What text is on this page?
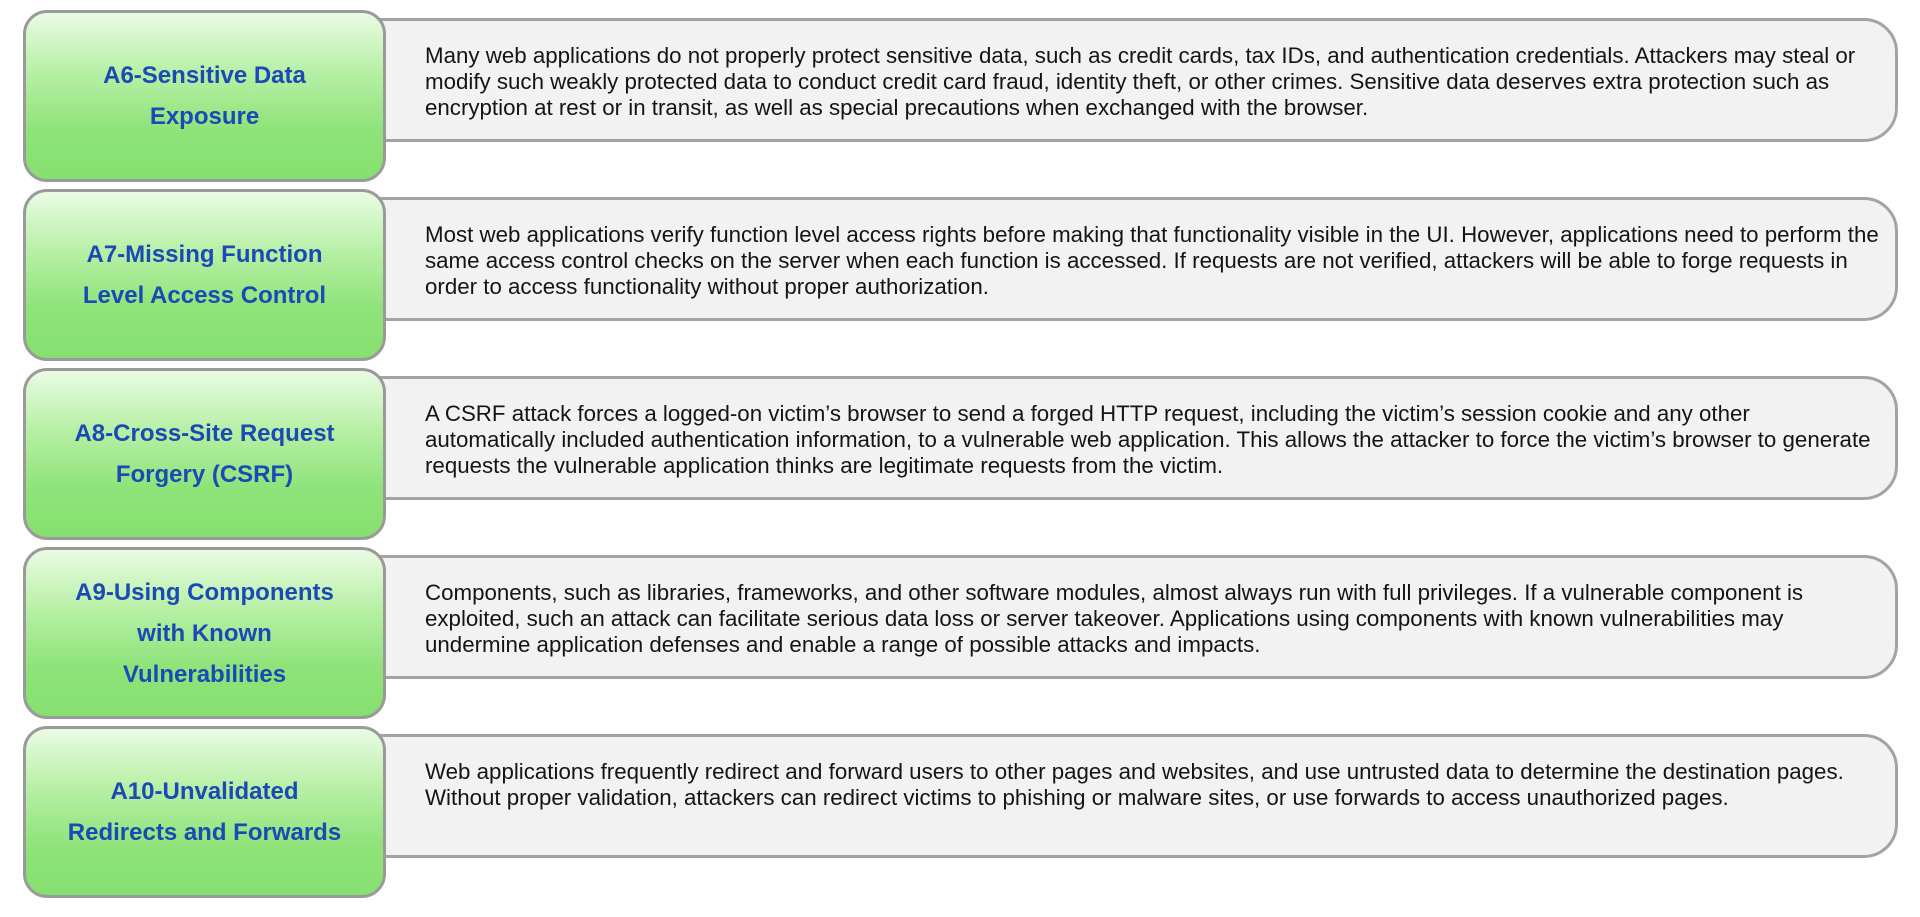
Many web applications do not properly protect sensitive data, such as credit cards, tax IDs, and authentication credentials. Attackers may steal or modify such weakly protected data to conduct credit card fraud, identity theft, or other crimes. Sensitive data deserves extra protection such as encryption at rest or in transit, as well as special precautions when exchanged with the browser.
A6-Sensitive Data Exposure
Most web applications verify function level access rights before making that functionality visible in the UI. However, applications need to perform the same access control checks on the server when each function is accessed. If requests are not verified, attackers will be able to forge requests in order to access functionality without proper authorization.
A7-Missing Function Level Access Control
A CSRF attack forces a logged-on victim’s browser to send a forged HTTP request, including the victim’s session cookie and any other automatically included authentication information, to a vulnerable web application. This allows the attacker to force the victim’s browser to generate requests the vulnerable application thinks are legitimate requests from the victim.
A8-Cross-Site Request Forgery (CSRF)
Components, such as libraries, frameworks, and other software modules, almost always run with full privileges. If a vulnerable component is exploited, such an attack can facilitate serious data loss or server takeover. Applications using components with known vulnerabilities may undermine application defenses and enable a range of possible attacks and impacts.
A9-Using Components with Known Vulnerabilities
Web applications frequently redirect and forward users to other pages and websites, and use untrusted data to determine the destination pages. Without proper validation, attackers can redirect victims to phishing or malware sites, or use forwards to access unauthorized pages.
A10-Unvalidated Redirects and Forwards
